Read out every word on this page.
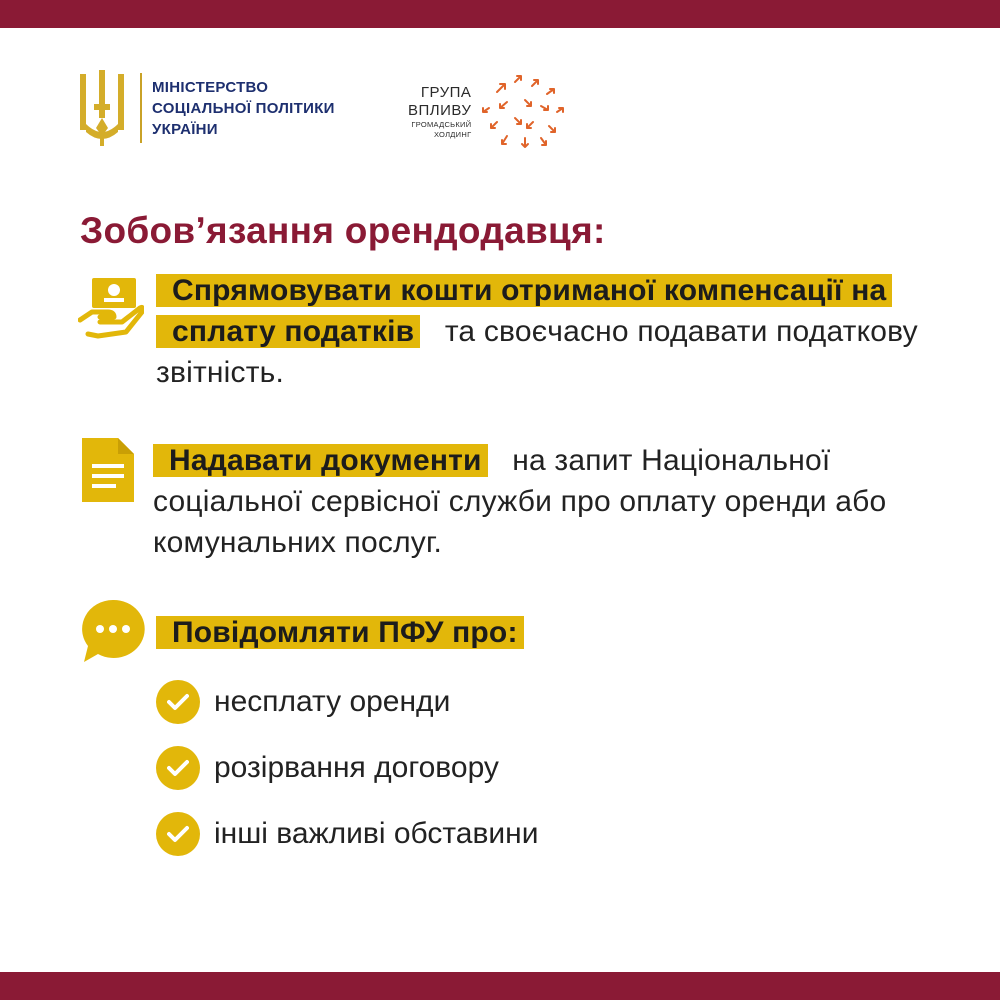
МІНІСТЕРСТВО
СОЦІАЛЬНОЇ ПОЛІТИКИ
УКРАЇНИ
ГРУПА
ВПЛИВУ
ГРОМАДСЬКИЙ
ХОЛДИНГ
Зобов’язання орендодавця:
Спрямовувати кошти отриманої компенсації на сплату податків та своєчасно подавати податкову звітність.
Надавати документи на запит Національної соціальної сервісної служби про оплату оренди або комунальних послуг.
Повідомляти ПФУ про:
несплату оренди
розірвання договору
інші важливі обставини
